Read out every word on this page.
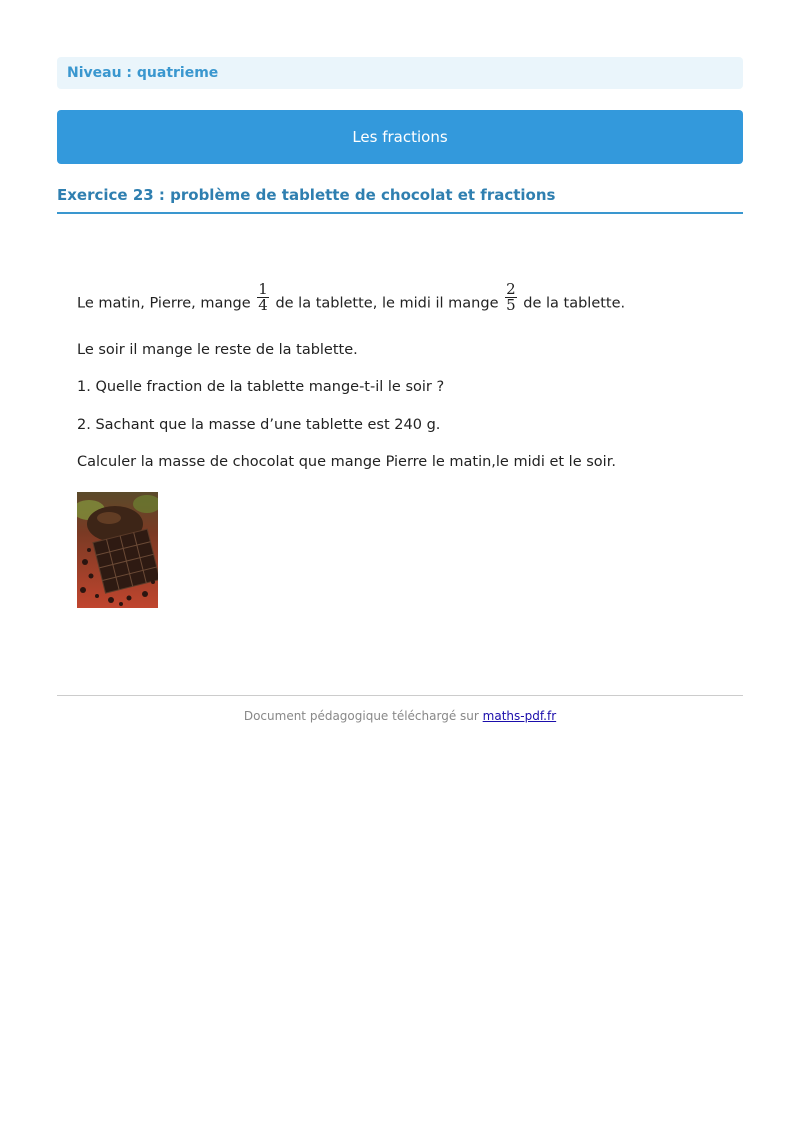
Niveau : quatrieme
Les fractions
Exercice 23 : problème de tablette de chocolat et fractions
Le matin, Pierre, mange $\frac{1}{4}$ de la tablette, le midi il mange $\frac{2}{5}$ de la tablette.
Le soir il mange le reste de la tablette.
1. Quelle fraction de la tablette mange-t-il le soir ?
2. Sachant que la masse d’une tablette est 240 g.
Calculer la masse de chocolat que mange Pierre le matin,le midi et le soir.
Document pédagogique téléchargé sur maths-pdf.fr
